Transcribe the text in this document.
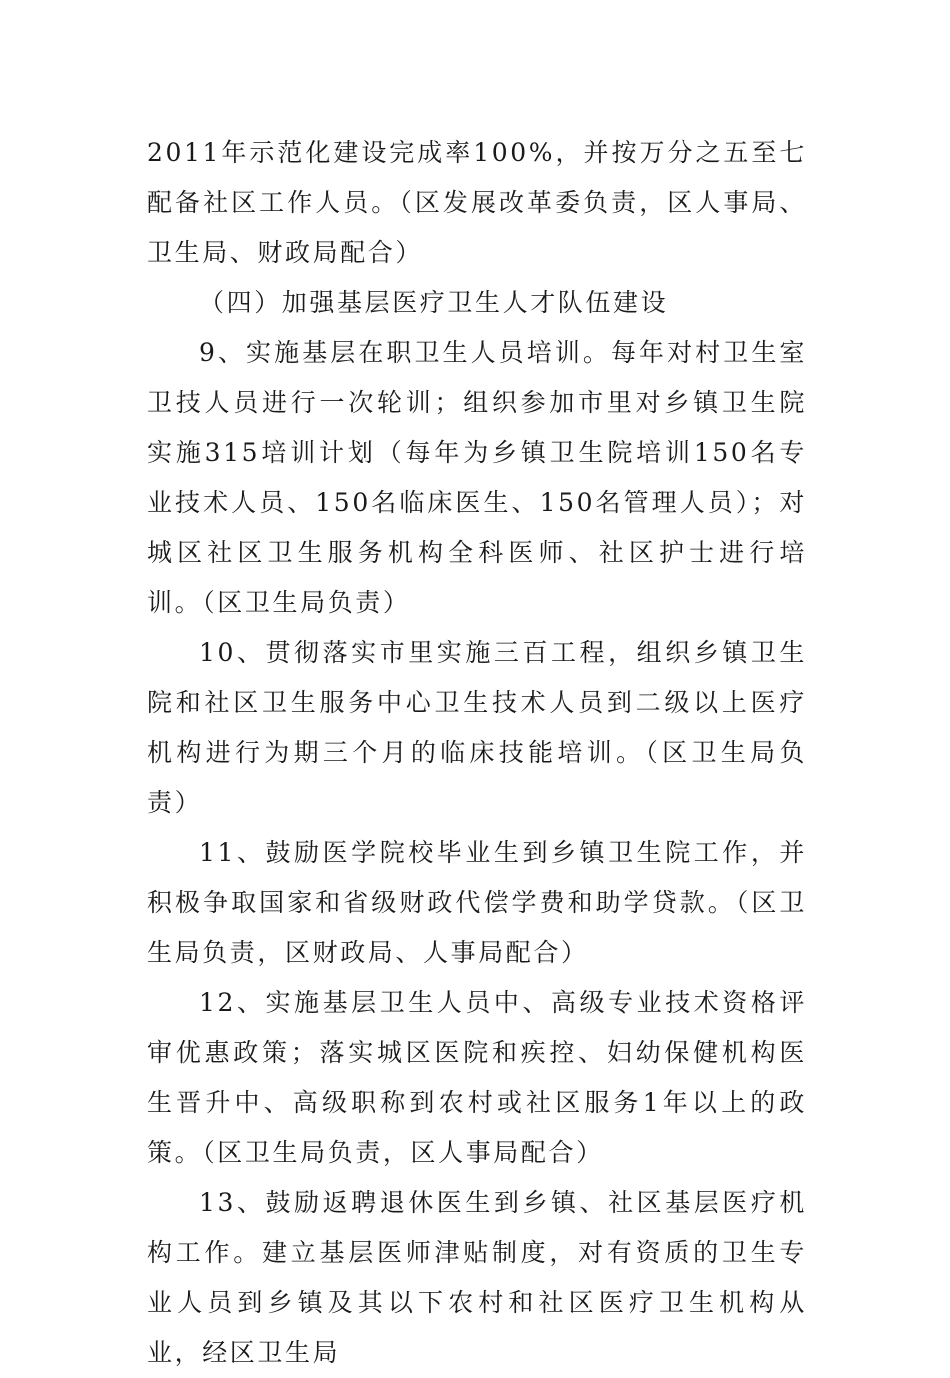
2011年示范化建设完成率100%，并按万分之五至七配备社区工作人员。（区发展改革委负责，区人事局、卫生局、财政局配合）

（四）加强基层医疗卫生人才队伍建设

9、实施基层在职卫生人员培训。每年对村卫生室卫技人员进行一次轮训；组织参加市里对乡镇卫生院实施315培训计划（每年为乡镇卫生院培训150名专业技术人员、150名临床医生、150名管理人员）；对城区社区卫生服务机构全科医师、社区护士进行培训。（区卫生局负责）

10、贯彻落实市里实施三百工程，组织乡镇卫生院和社区卫生服务中心卫生技术人员到二级以上医疗机构进行为期三个月的临床技能培训。（区卫生局负责）

11、鼓励医学院校毕业生到乡镇卫生院工作，并积极争取国家和省级财政代偿学费和助学贷款。（区卫生局负责，区财政局、人事局配合）

12、实施基层卫生人员中、高级专业技术资格评审优惠政策；落实城区医院和疾控、妇幼保健机构医生晋升中、高级职称到农村或社区服务1年以上的政策。（区卫生局负责，区人事局配合）

13、鼓励返聘退休医生到乡镇、社区基层医疗机构工作。建立基层医师津贴制度，对有资质的卫生专业人员到乡镇及其以下农村和社区医疗卫生机构从业，经区卫生局
